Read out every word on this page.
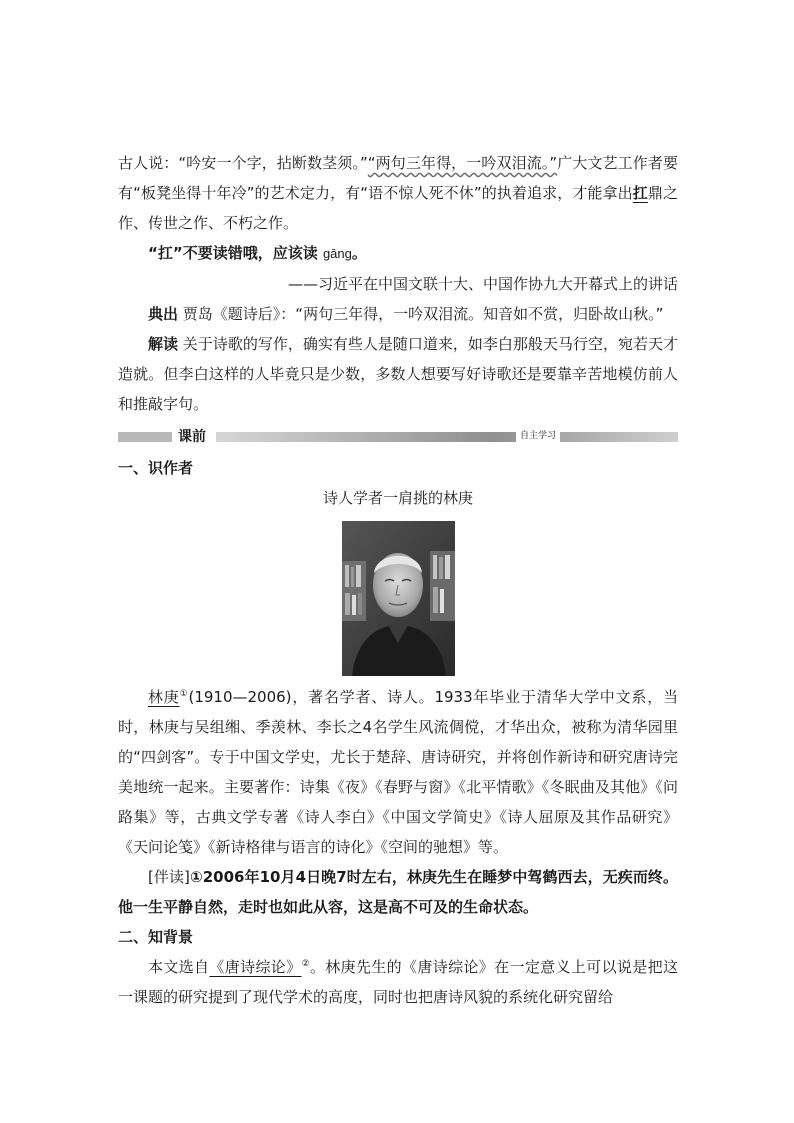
古人说：“吟安一个字，拈断数茎须。”“两句三年得，一吟双泪流。”广大文艺工作者要有“板凳坐得十年冷”的艺术定力，有“语不惊人死不休”的执着追求，才能拿出扛鼎之作、传世之作、不朽之作。

“扛”不要读错哦，应该读 gāng。

——习近平在中国文联十大、中国作协九大开幕式上的讲话

典出 贾岛《题诗后》：“两句三年得，一吟双泪流。知音如不赏，归卧故山秋。”

解读 关于诗歌的写作，确实有些人是随口道来，如李白那般天马行空，宛若天才造就。但李白这样的人毕竟只是少数，多数人想要写好诗歌还是要靠辛苦地模仿前人和推敲字句。

课前	自主学习

一、识作者

诗人学者一肩挑的林庚

林庚①(1910—2006)，著名学者、诗人。1933年毕业于清华大学中文系，当时，林庚与吴组缃、季羡林、李长之4名学生风流倜傥，才华出众，被称为清华园里的“四剑客”。专于中国文学史，尤长于楚辞、唐诗研究，并将创作新诗和研究唐诗完美地统一起来。主要著作：诗集《夜》《春野与窗》《北平情歌》《冬眠曲及其他》《问路集》等，古典文学专著《诗人李白》《中国文学简史》《诗人屈原及其作品研究》《天问论笺》《新诗格律与语言的诗化》《空间的驰想》等。

[伴读]①2006年10月4日晚7时左右，林庚先生在睡梦中驾鹤西去，无疾而终。他一生平静自然，走时也如此从容，这是高不可及的生命状态。

二、知背景

本文选自《唐诗综论》②。林庚先生的《唐诗综论》在一定意义上可以说是把这一课题的研究提到了现代学术的高度，同时也把唐诗风貌的系统化研究留给
